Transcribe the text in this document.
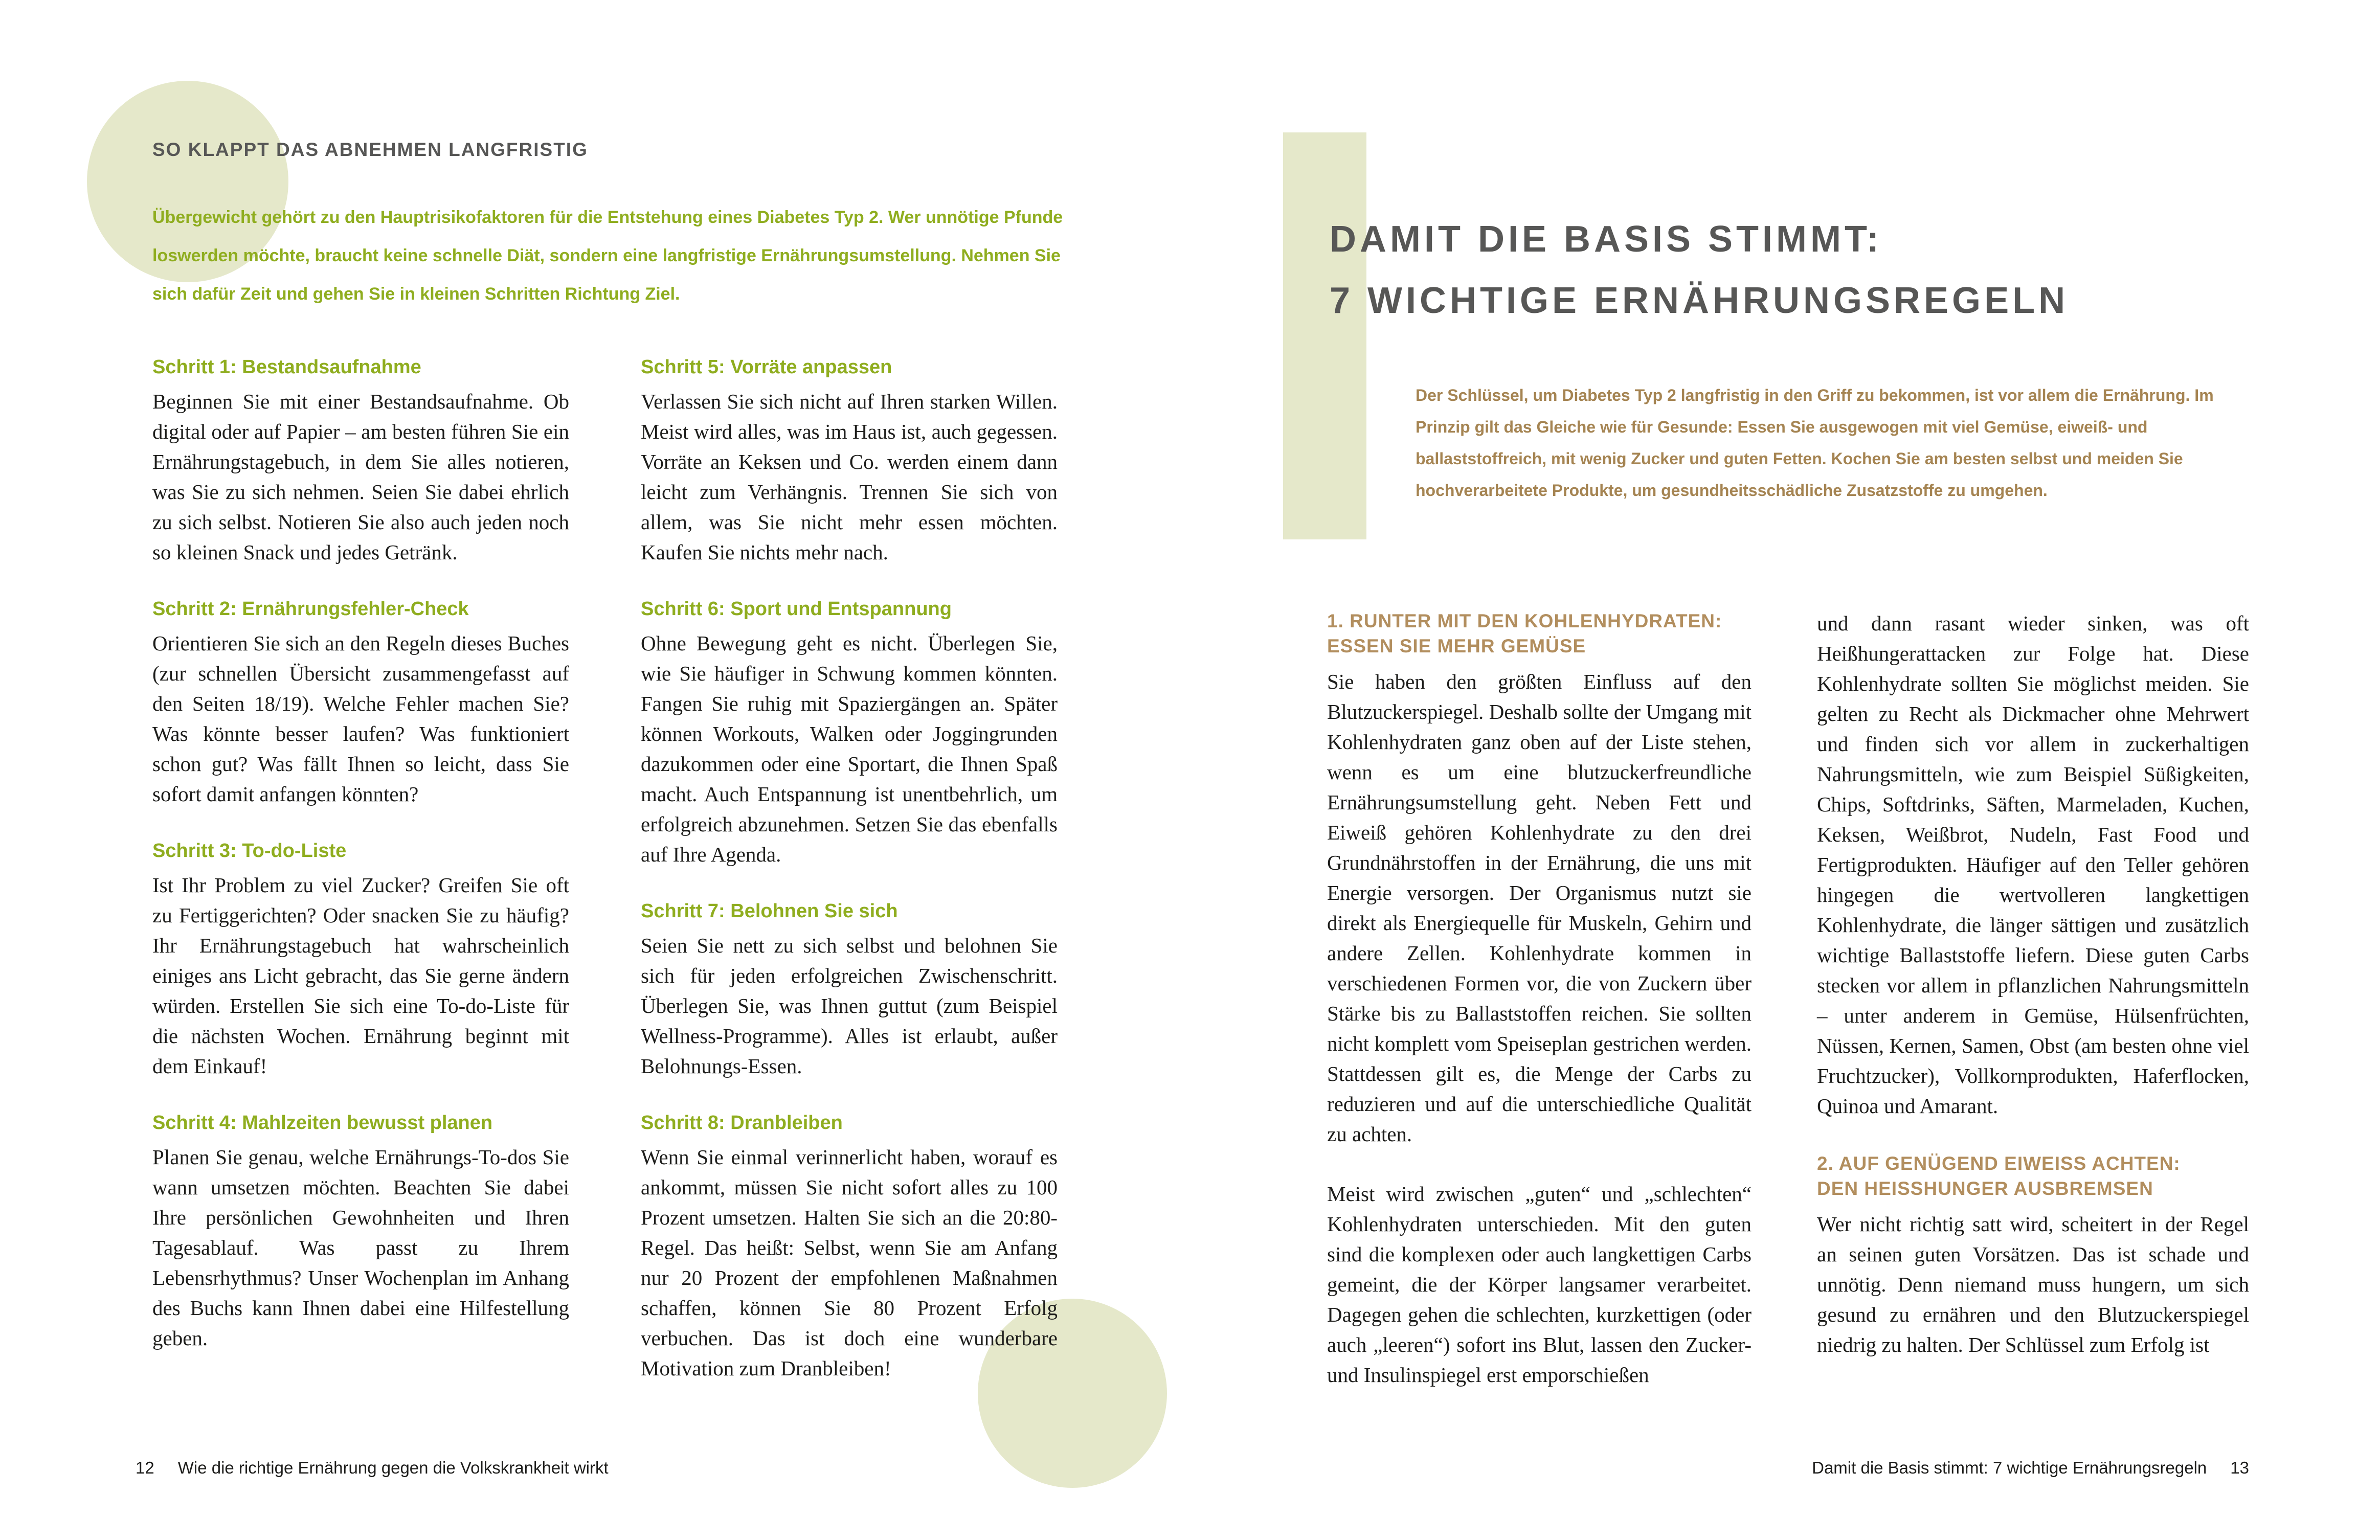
SO KLAPPT DAS ABNEHMEN LANGFRISTIG
Übergewicht gehört zu den Hauptrisikofaktoren für die Entstehung eines Diabetes Typ 2. Wer unnötige Pfunde loswerden möchte, braucht keine schnelle Diät, sondern eine langfristige Ernährungsumstellung. Nehmen Sie sich dafür Zeit und gehen Sie in kleinen Schritten Richtung Ziel.
Schritt 1: Bestandsaufnahme

Beginnen Sie mit einer Bestandsaufnahme. Ob digital oder auf Papier – am besten führen Sie ein Ernährungstagebuch, in dem Sie alles notieren, was Sie zu sich nehmen. Seien Sie dabei ehrlich zu sich selbst. Notieren Sie also auch jeden noch so kleinen Snack und jedes Getränk.

Schritt 2: Ernährungsfehler-Check

Orientieren Sie sich an den Regeln dieses Buches (zur schnellen Übersicht zusammengefasst auf den Seiten 18/19). Welche Fehler machen Sie? Was könnte besser laufen? Was funktioniert schon gut? Was fällt Ihnen so leicht, dass Sie sofort damit anfangen könnten?

Schritt 3: To-do-Liste

Ist Ihr Problem zu viel Zucker? Greifen Sie oft zu Fertiggerichten? Oder snacken Sie zu häufig? Ihr Ernährungstagebuch hat wahrscheinlich einiges ans Licht gebracht, das Sie gerne ändern würden. Erstellen Sie sich eine To-do-Liste für die nächsten Wochen. Ernährung beginnt mit dem Einkauf!

Schritt 4: Mahlzeiten bewusst planen

Planen Sie genau, welche Ernährungs-To-dos Sie wann umsetzen möchten. Beachten Sie dabei Ihre persönlichen Gewohnheiten und Ihren Tagesablauf. Was passt zu Ihrem Lebensrhythmus? Unser Wochenplan im Anhang des Buchs kann Ihnen dabei eine Hilfestellung geben.

Schritt 5: Vorräte anpassen

Verlassen Sie sich nicht auf Ihren starken Willen. Meist wird alles, was im Haus ist, auch gegessen. Vorräte an Keksen und Co. werden einem dann leicht zum Verhängnis. Trennen Sie sich von allem, was Sie nicht mehr essen möchten. Kaufen Sie nichts mehr nach.

Schritt 6: Sport und Entspannung

Ohne Bewegung geht es nicht. Überlegen Sie, wie Sie häufiger in Schwung kommen könnten. Fangen Sie ruhig mit Spaziergängen an. Später können Workouts, Walken oder Joggingrunden dazukommen oder eine Sportart, die Ihnen Spaß macht. Auch Entspannung ist unentbehrlich, um erfolgreich abzunehmen. Setzen Sie das ebenfalls auf Ihre Agenda.

Schritt 7: Belohnen Sie sich

Seien Sie nett zu sich selbst und belohnen Sie sich für jeden erfolgreichen Zwischenschritt. Überlegen Sie, was Ihnen guttut (zum Beispiel Wellness-Programme). Alles ist erlaubt, außer Belohnungs-Essen.

Schritt 8: Dranbleiben

Wenn Sie einmal verinnerlicht haben, worauf es ankommt, müssen Sie nicht sofort alles zu 100 Prozent umsetzen. Halten Sie sich an die 20:80-Regel. Das heißt: Selbst, wenn Sie am Anfang nur 20 Prozent der empfohlenen Maßnahmen schaffen, können Sie 80 Prozent Erfolg verbuchen. Das ist doch eine wunderbare Motivation zum Dranbleiben!

DAMIT DIE BASIS STIMMT:
7 WICHTIGE ERNÄHRUNGSREGELN
Der Schlüssel, um Diabetes Typ 2 langfristig in den Griff zu bekommen, ist vor allem die Ernährung. Im Prinzip gilt das Gleiche wie für Gesunde: Essen Sie ausgewogen mit viel Gemüse, eiweiß- und ballaststoffreich, mit wenig Zucker und guten Fetten. Kochen Sie am besten selbst und meiden Sie hochverarbeitete Produkte, um gesundheitsschädliche Zusatzstoffe zu umgehen.
1. RUNTER MIT DEN KOHLENHYDRATEN:
ESSEN SIE MEHR GEMÜSE

Sie haben den größten Einfluss auf den Blutzuckerspiegel. Deshalb sollte der Umgang mit Kohlenhydraten ganz oben auf der Liste stehen, wenn es um eine blutzuckerfreundliche Ernährungsumstellung geht. Neben Fett und Eiweiß gehören Kohlenhydrate zu den drei Grundnährstoffen in der Ernährung, die uns mit Energie versorgen. Der Organismus nutzt sie direkt als Energiequelle für Muskeln, Gehirn und andere Zellen. Kohlenhydrate kommen in verschiedenen Formen vor, die von Zuckern über Stärke bis zu Ballaststoffen reichen. Sie sollten nicht komplett vom Speiseplan gestrichen werden. Stattdessen gilt es, die Menge der Carbs zu reduzieren und auf die unterschiedliche Qualität zu achten.

Meist wird zwischen „guten“ und „schlechten“ Kohlenhydraten unterschieden. Mit den guten sind die komplexen oder auch langkettigen Carbs gemeint, die der Körper langsamer verarbeitet. Dagegen gehen die schlechten, kurzkettigen (oder auch „leeren“) sofort ins Blut, lassen den Zucker- und Insulinspiegel erst emporschießen

und dann rasant wieder sinken, was oft Heißhungerattacken zur Folge hat. Diese Kohlenhydrate sollten Sie möglichst meiden. Sie gelten zu Recht als Dickmacher ohne Mehrwert und finden sich vor allem in zuckerhaltigen Nahrungsmitteln, wie zum Beispiel Süßigkeiten, Chips, Softdrinks, Säften, Marmeladen, Kuchen, Keksen, Weißbrot, Nudeln, Fast Food und Fertigprodukten. Häufiger auf den Teller gehören hingegen die wertvolleren langkettigen Kohlenhydrate, die länger sättigen und zusätzlich wichtige Ballaststoffe liefern. Diese guten Carbs stecken vor allem in pflanzlichen Nahrungsmitteln – unter anderem in Gemüse, Hülsenfrüchten, Nüssen, Kernen, Samen, Obst (am besten ohne viel Fruchtzucker), Vollkornprodukten, Haferflocken, Quinoa und Amarant.

2. AUF GENÜGEND EIWEISS ACHTEN:
DEN HEISSHUNGER AUSBREMSEN

Wer nicht richtig satt wird, scheitert in der Regel an seinen guten Vorsätzen. Das ist schade und unnötig. Denn niemand muss hungern, um sich gesund zu ernähren und den Blutzuckerspiegel niedrig zu halten. Der Schlüssel zum Erfolg ist

12 Wie die richtige Ernährung gegen die Volkskrankheit wirkt	Damit die Basis stimmt: 7 wichtige Ernährungsregeln 13
